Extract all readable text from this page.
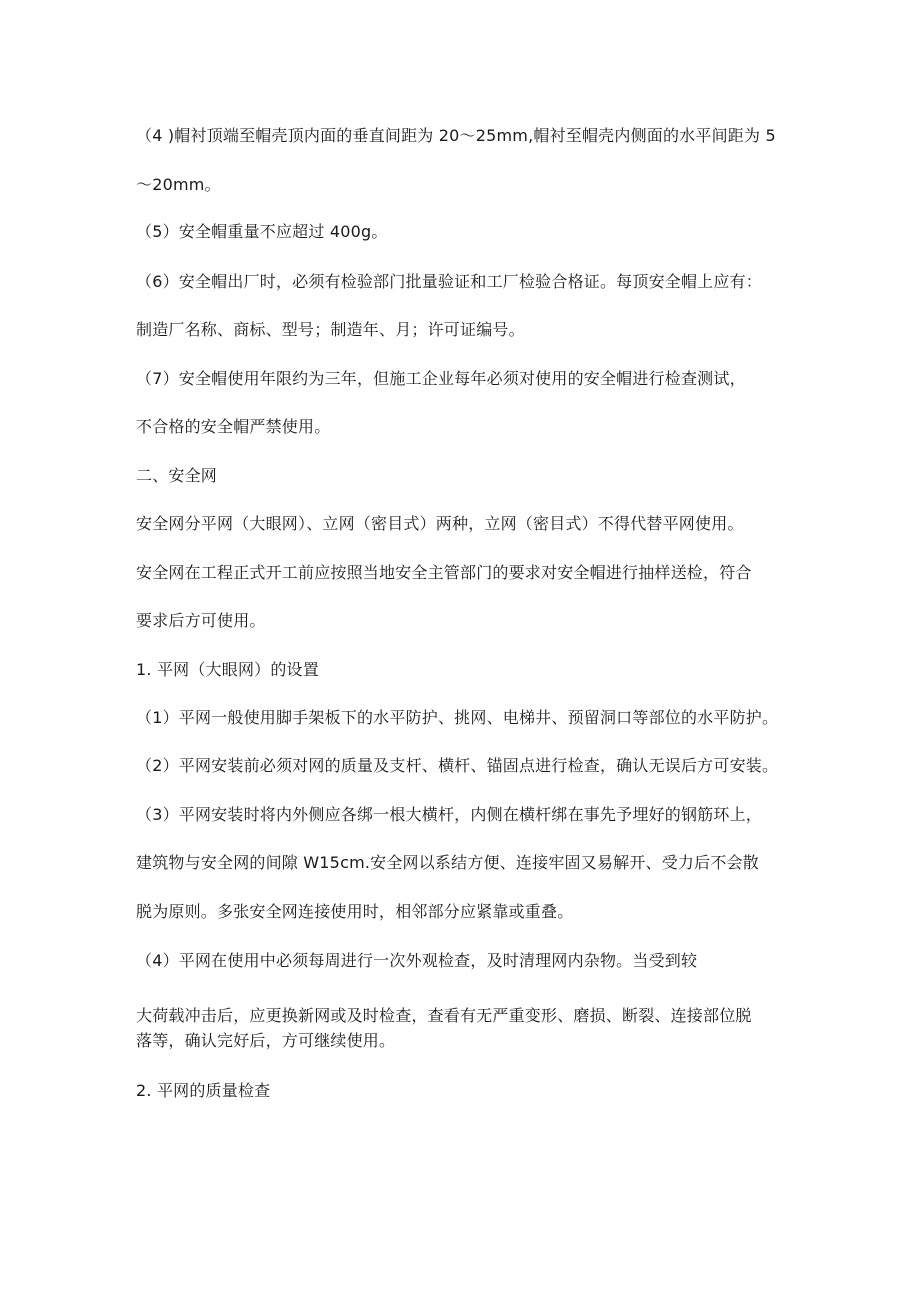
（4 )帽衬顶端至帽壳顶内面的垂直间距为 20～25mm,帽衬至帽壳内侧面的水平间距为 5
～20mm。
（5）安全帽重量不应超过 400g。
（6）安全帽出厂时，必须有检验部门批量验证和工厂检验合格证。每顶安全帽上应有：
制造厂名称、商标、型号；制造年、月；许可证编号。
（7）安全帽使用年限约为三年，但施工企业每年必须对使用的安全帽进行检查测试，
不合格的安全帽严禁使用。
二、安全网
安全网分平网（大眼网）、立网（密目式）两种，立网（密目式）不得代替平网使用。
安全网在工程正式开工前应按照当地安全主管部门的要求对安全帽进行抽样送检，符合
要求后方可使用。
1. 平网（大眼网）的设置
（1）平网一般使用脚手架板下的水平防护、挑网、电梯井、预留洞口等部位的水平防护。
（2）平网安装前必须对网的质量及支杆、横杆、锚固点进行检查，确认无误后方可安装。
（3）平网安装时将内外侧应各绑一根大横杆，内侧在横杆绑在事先予埋好的钢筋环上，
建筑物与安全网的间隙 W15cm.安全网以系结方便、连接牢固又易解开、受力后不会散
脱为原则。多张安全网连接使用时，相邻部分应紧靠或重叠。
（4）平网在使用中必须每周进行一次外观检查，及时清理网内杂物。当受到较
大荷载冲击后，应更换新网或及时检查，查看有无严重变形、磨损、断裂、连接部位脱
落等，确认完好后，方可继续使用。
2. 平网的质量检查
